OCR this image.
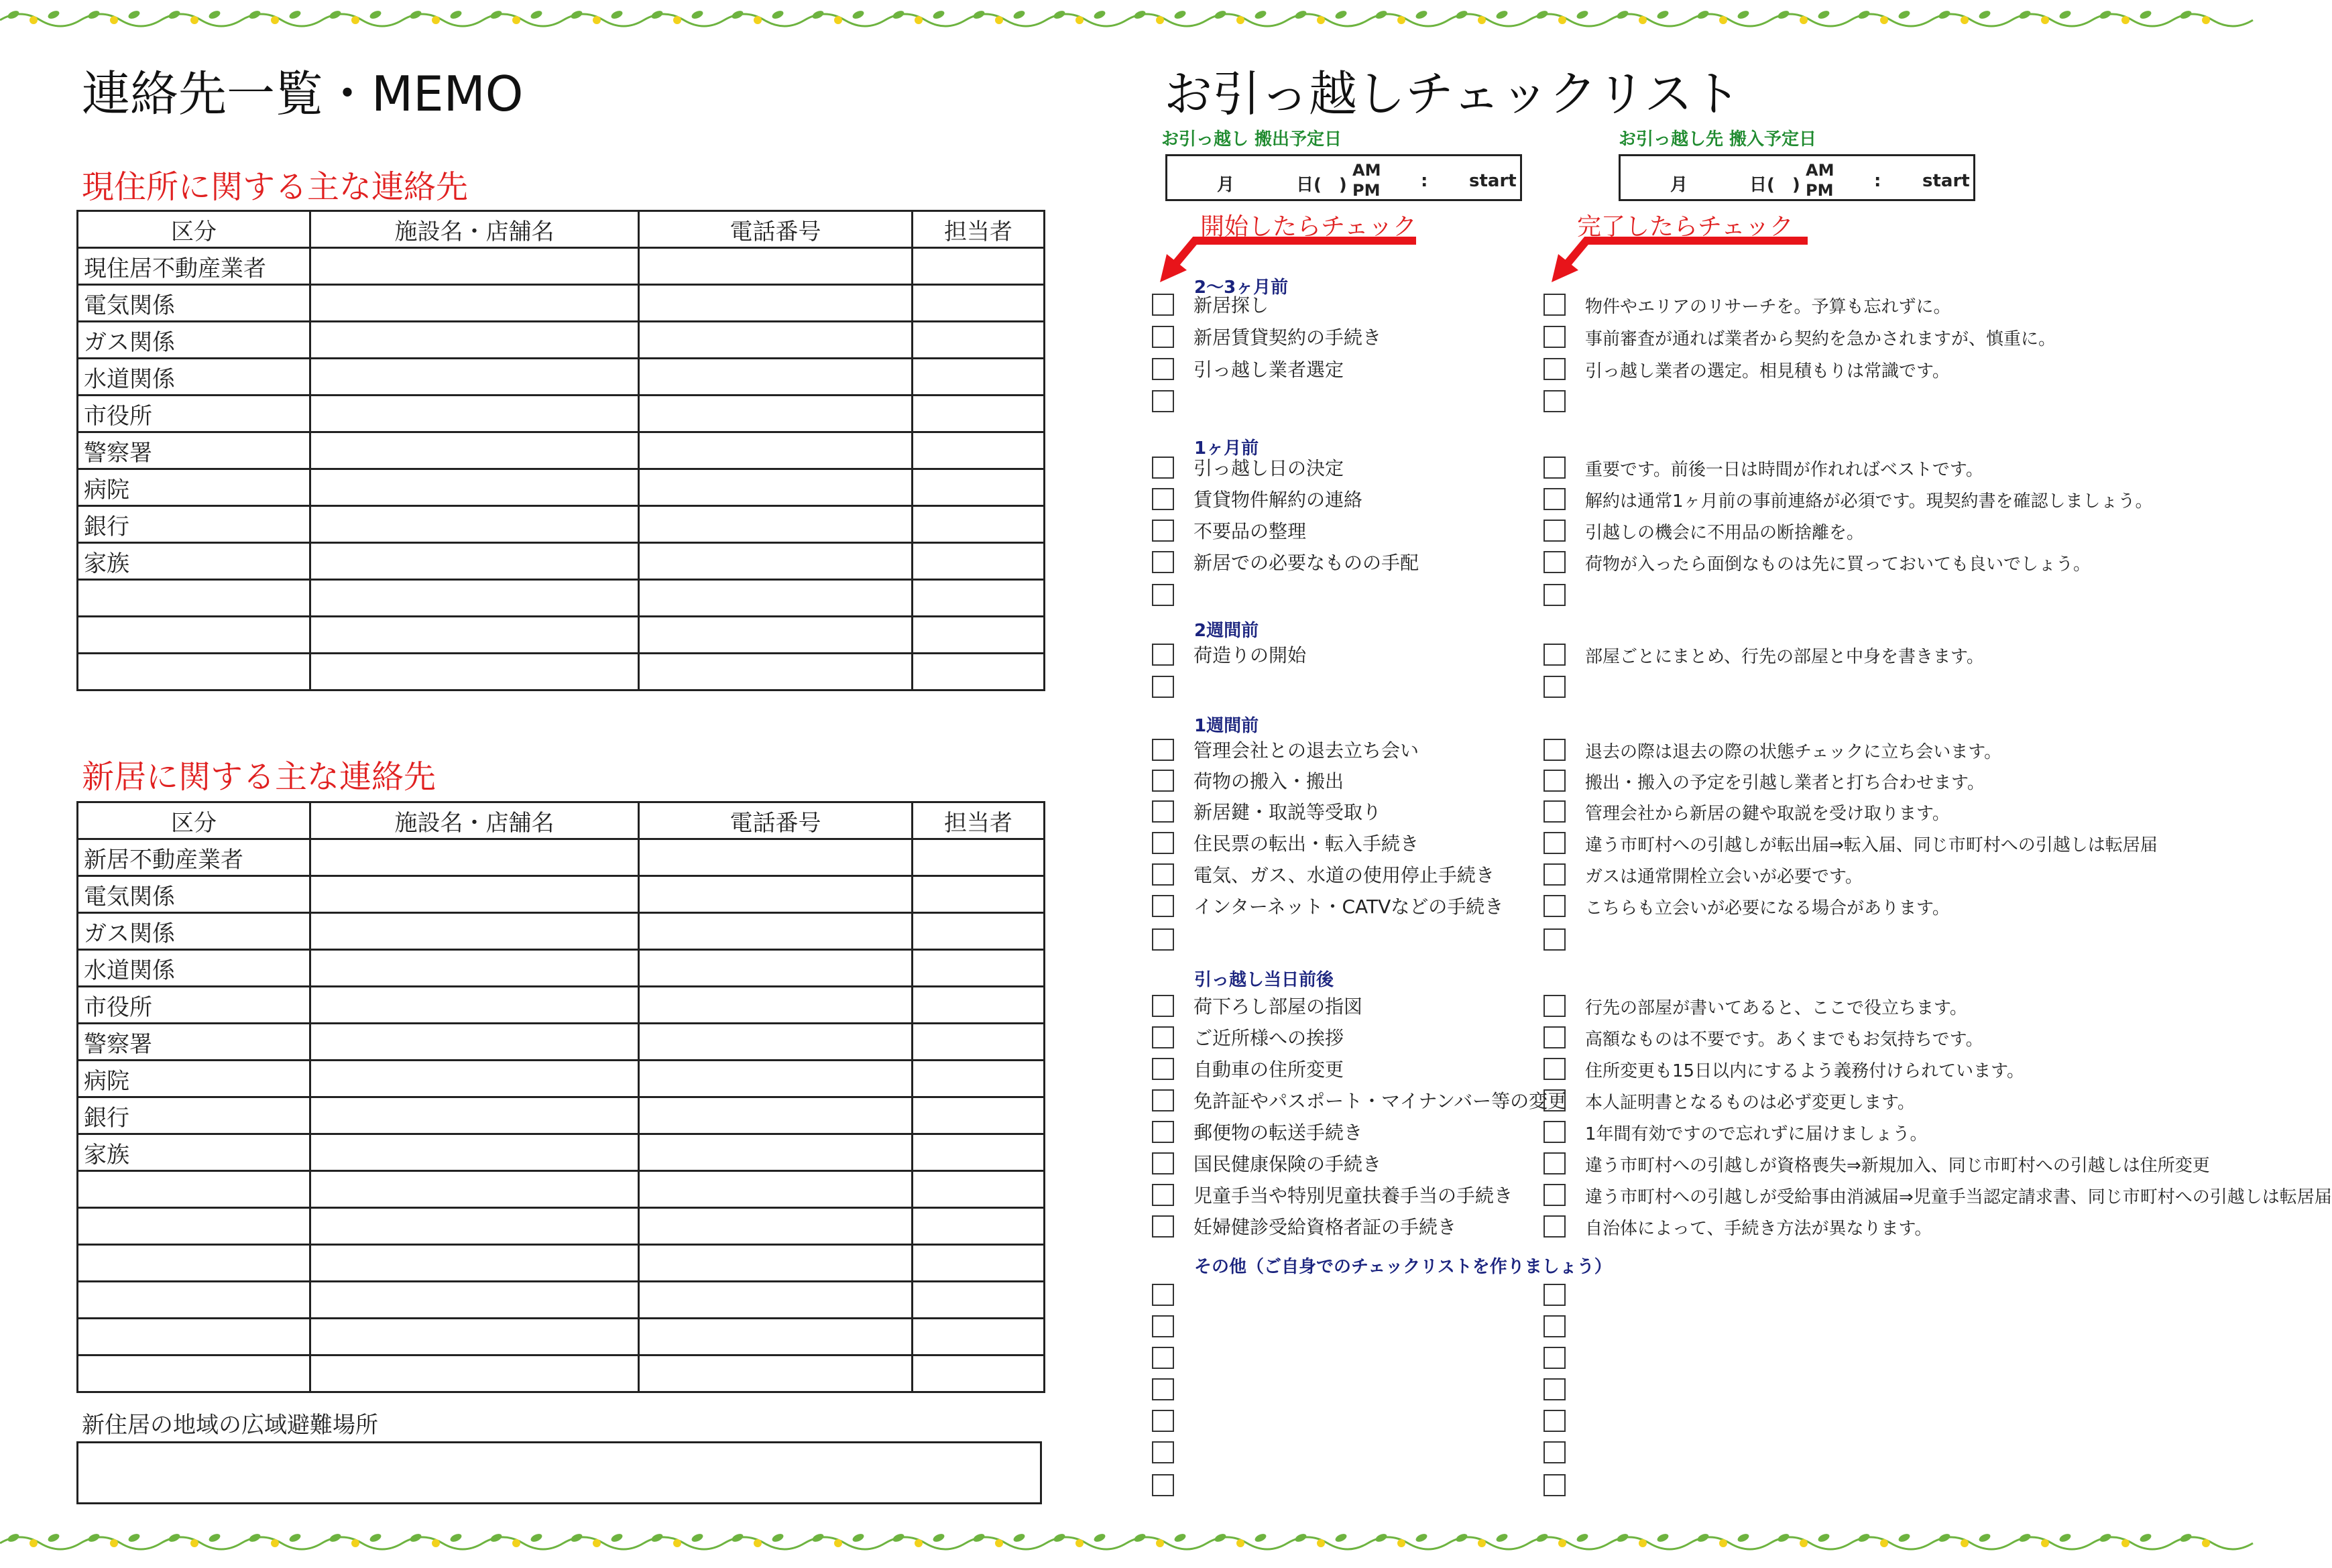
連絡先一覧・MEMO
現住所に関する主な連絡先
区分	施設名・店舗名	電話番号	担当者
現住居不動産業者			
電気関係			
ガス関係			
水道関係			
市役所			
警察署			
病院			
銀行			
家族			

新居に関する主な連絡先
区分	施設名・店舗名	電話番号	担当者
新居不動産業者			
電気関係			
ガス関係			
水道関係			
市役所			
警察署			
病院			
銀行			
家族			

新住居の地域の広域避難場所
お引っ越しチェックリスト
お引っ越し 搬出予定日
月	日(　)
AM
PM : start
お引っ越し先 搬入予定日
月	日(　)
AM
PM : start
開始したらチェック	完了したらチェック
2〜3ヶ月前
新居探し	物件やエリアのリサーチを。予算も忘れずに。
新居賃貸契約の手続き	事前審査が通れば業者から契約を急かされますが、慎重に。
引っ越し業者選定	引っ越し業者の選定。相見積もりは常識です。
1ヶ月前
引っ越し日の決定	重要です。前後一日は時間が作れればベストです。
賃貸物件解約の連絡	解約は通常1ヶ月前の事前連絡が必須です。現契約書を確認しましょう。
不要品の整理	引越しの機会に不用品の断捨離を。
新居での必要なものの手配	荷物が入ったら面倒なものは先に買っておいても良いでしょう。
2週間前
荷造りの開始	部屋ごとにまとめ、行先の部屋と中身を書きます。
1週間前
管理会社との退去立ち会い	退去の際は退去の際の状態チェックに立ち会います。
荷物の搬入・搬出	搬出・搬入の予定を引越し業者と打ち合わせます。
新居鍵・取説等受取り	管理会社から新居の鍵や取説を受け取ります。
住民票の転出・転入手続き	違う市町村への引越しが転出届⇒転入届、同じ市町村への引越しは転居届
電気、ガス、水道の使用停止手続き	ガスは通常開栓立会いが必要です。
インターネット・CATVなどの手続き	こちらも立会いが必要になる場合があります。
引っ越し当日前後
荷下ろし部屋の指図	行先の部屋が書いてあると、ここで役立ちます。
ご近所様への挨拶	高額なものは不要です。あくまでもお気持ちです。
自動車の住所変更	住所変更も15日以内にするよう義務付けられています。
免許証やパスポート・マイナンバー等の変更 本人証明書となるものは必ず変更します。
郵便物の転送手続き	1年間有効ですので忘れずに届けましょう。
国民健康保険の手続き	違う市町村への引越しが資格喪失⇒新規加入、同じ市町村への引越しは住所変更
児童手当や特別児童扶養手当の手続き	違う市町村への引越しが受給事由消滅届⇒児童手当認定請求書、同じ市町村への引越しは転居届
妊婦健診受給資格者証の手続き	自治体によって、手続き方法が異なります。
その他（ご自身でのチェックリストを作りましょう）
